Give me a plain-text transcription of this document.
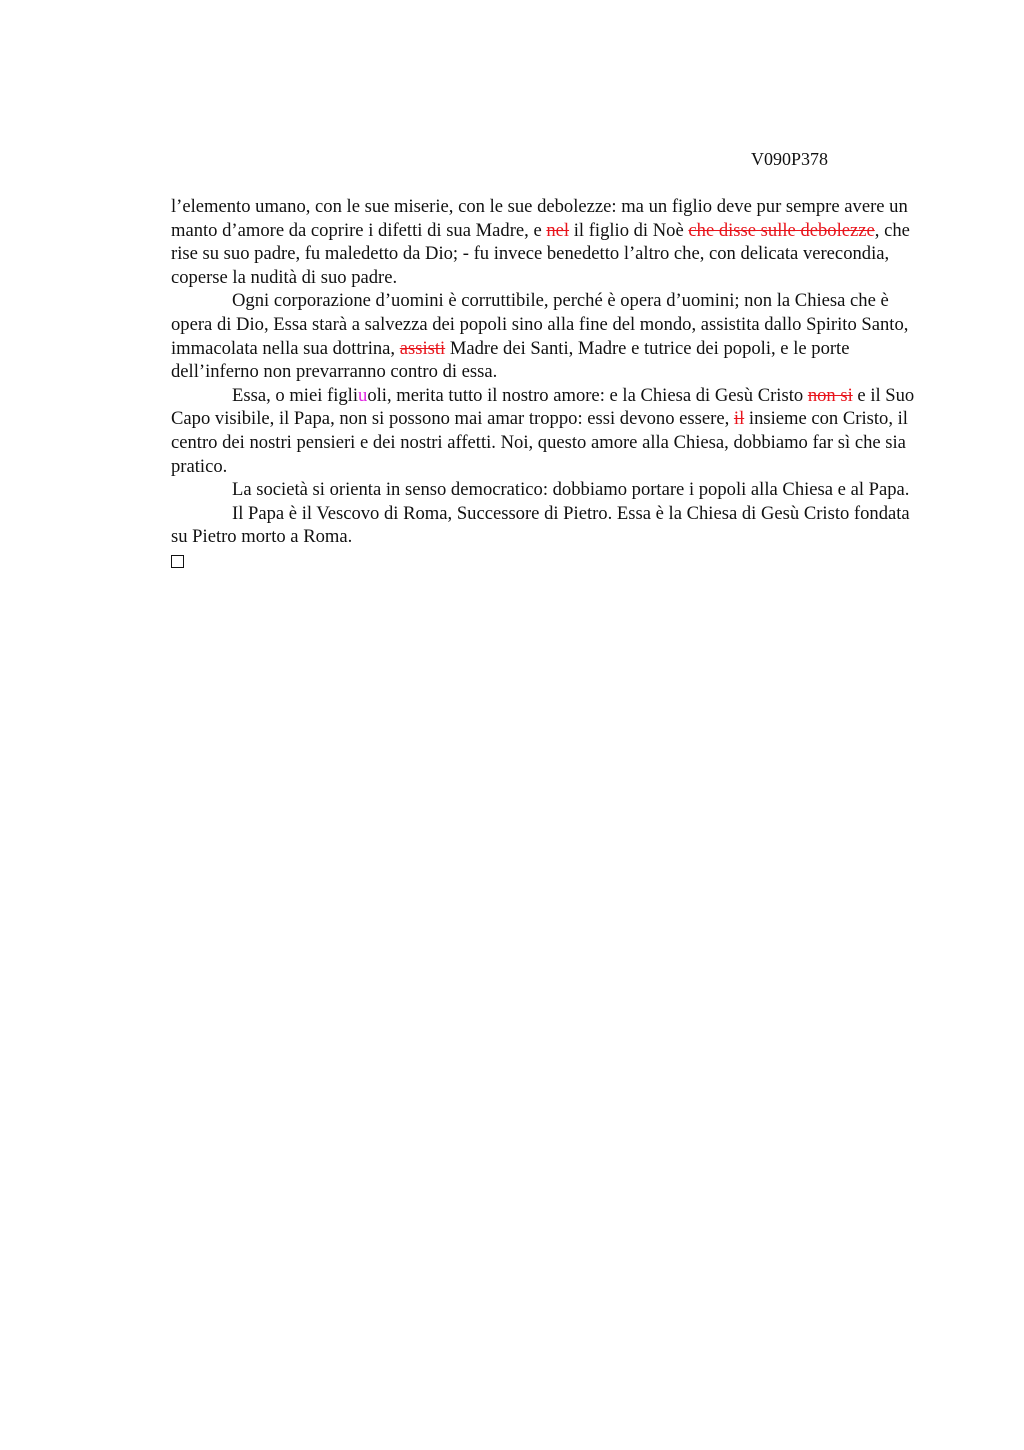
V090P378

l’elemento umano, con le sue miserie, con le sue debolezze: ma un figlio deve pur sempre avere un manto d’amore da coprire i difetti di sua Madre, e nel il figlio di Noè che disse sulle debolezze, che rise su suo padre, fu maledetto da Dio; - fu invece benedetto l’altro che, con delicata verecondia, coperse la nudità di suo padre.

Ogni corporazione d’uomini è corruttibile, perché è opera d’uomini; non la Chiesa che è opera di Dio, Essa starà a salvezza dei popoli sino alla fine del mondo, assistita dallo Spirito Santo, immacolata nella sua dottrina, assisti Madre dei Santi, Madre e tutrice dei popoli, e le porte dell’inferno non prevarranno contro di essa.

Essa, o miei figliuoli, merita tutto il nostro amore: e la Chiesa di Gesù Cristo non si e il Suo Capo visibile, il Papa, non si possono mai amar troppo: essi devono essere, il insieme con Cristo, il centro dei nostri pensieri e dei nostri affetti. Noi, questo amore alla Chiesa, dobbiamo far sì che sia pratico.

La società si orienta in senso democratico: dobbiamo portare i popoli alla Chiesa e al Papa.

Il Papa è il Vescovo di Roma, Successore di Pietro. Essa è la Chiesa di Gesù Cristo fondata su Pietro morto a Roma.
